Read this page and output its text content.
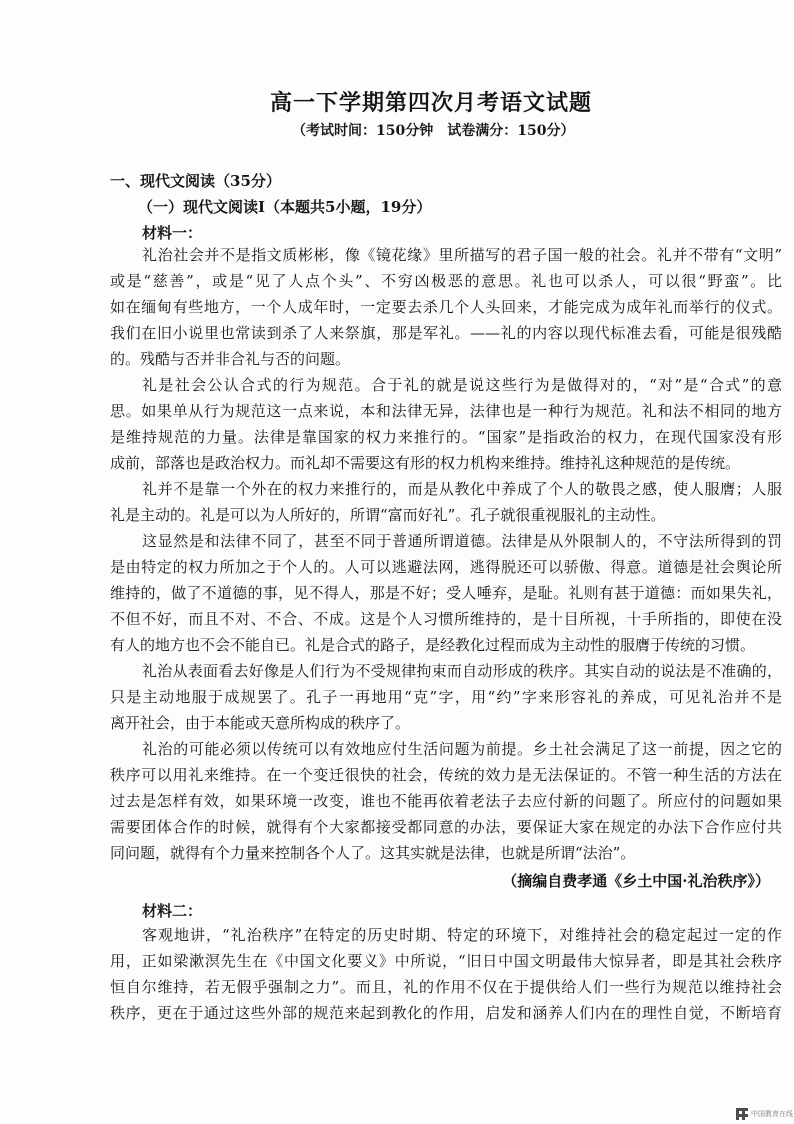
高一下学期第四次月考语文试题
（考试时间：150分钟　试卷满分：150分）
一、现代文阅读（35分）
（一）现代文阅读Ⅰ（本题共5小题，19分）
材料一：
礼治社会并不是指文质彬彬，像《镜花缘》里所描写的君子国一般的社会。礼并不带有“文明”
或是“慈善”，或是“见了人点个头”、不穷凶极恶的意思。礼也可以杀人，可以很“野蛮”。比
如在缅甸有些地方，一个人成年时，一定要去杀几个人头回来，才能完成为成年礼而举行的仪式。
我们在旧小说里也常读到杀了人来祭旗，那是军礼。——礼的内容以现代标准去看，可能是很残酷
的。残酷与否并非合礼与否的问题。
礼是社会公认合式的行为规范。合于礼的就是说这些行为是做得对的，“对”是“合式”的意
思。如果单从行为规范这一点来说，本和法律无异，法律也是一种行为规范。礼和法不相同的地方
是维持规范的力量。法律是靠国家的权力来推行的。“国家”是指政治的权力，在现代国家没有形
成前，部落也是政治权力。而礼却不需要这有形的权力机构来维持。维持礼这种规范的是传统。
礼并不是靠一个外在的权力来推行的，而是从教化中养成了个人的敬畏之感，使人服膺；人服
礼是主动的。礼是可以为人所好的，所谓“富而好礼”。孔子就很重视服礼的主动性。
这显然是和法律不同了，甚至不同于普通所谓道德。法律是从外限制人的，不守法所得到的罚
是由特定的权力所加之于个人的。人可以逃避法网，逃得脱还可以骄傲、得意。道德是社会舆论所
维持的，做了不道德的事，见不得人，那是不好；受人唾弃，是耻。礼则有甚于道德：而如果失礼，
不但不好，而且不对、不合、不成。这是个人习惯所维持的，是十目所视，十手所指的，即使在没
有人的地方也不会不能自已。礼是合式的路子，是经教化过程而成为主动性的服膺于传统的习惯。
礼治从表面看去好像是人们行为不受规律拘束而自动形成的秩序。其实自动的说法是不准确的，
只是主动地服于成规罢了。孔子一再地用“克”字，用“约”字来形容礼的养成，可见礼治并不是
离开社会，由于本能或天意所构成的秩序了。
礼治的可能必须以传统可以有效地应付生活问题为前提。乡土社会满足了这一前提，因之它的
秩序可以用礼来维持。在一个变迁很快的社会，传统的效力是无法保证的。不管一种生活的方法在
过去是怎样有效，如果环境一改变，谁也不能再依着老法子去应付新的问题了。所应付的问题如果
需要团体合作的时候，就得有个大家都接受都同意的办法，要保证大家在规定的办法下合作应付共
同问题，就得有个力量来控制各个人了。这其实就是法律，也就是所谓“法治”。
（摘编自费孝通《乡土中国·礼治秩序》）
材料二：
客观地讲，“礼治秩序”在特定的历史时期、特定的环境下，对维持社会的稳定起过一定的作
用，正如梁漱溟先生在《中国文化要义》中所说，“旧日中国文明最伟大惊异者，即是其社会秩序
恒自尔维持，若无假乎强制之力”。而且，礼的作用不仅在于提供给人们一些行为规范以维持社会
秩序，更在于通过这些外部的规范来起到教化的作用，启发和涵养人们内在的理性自觉，不断培育
中国教育在线
